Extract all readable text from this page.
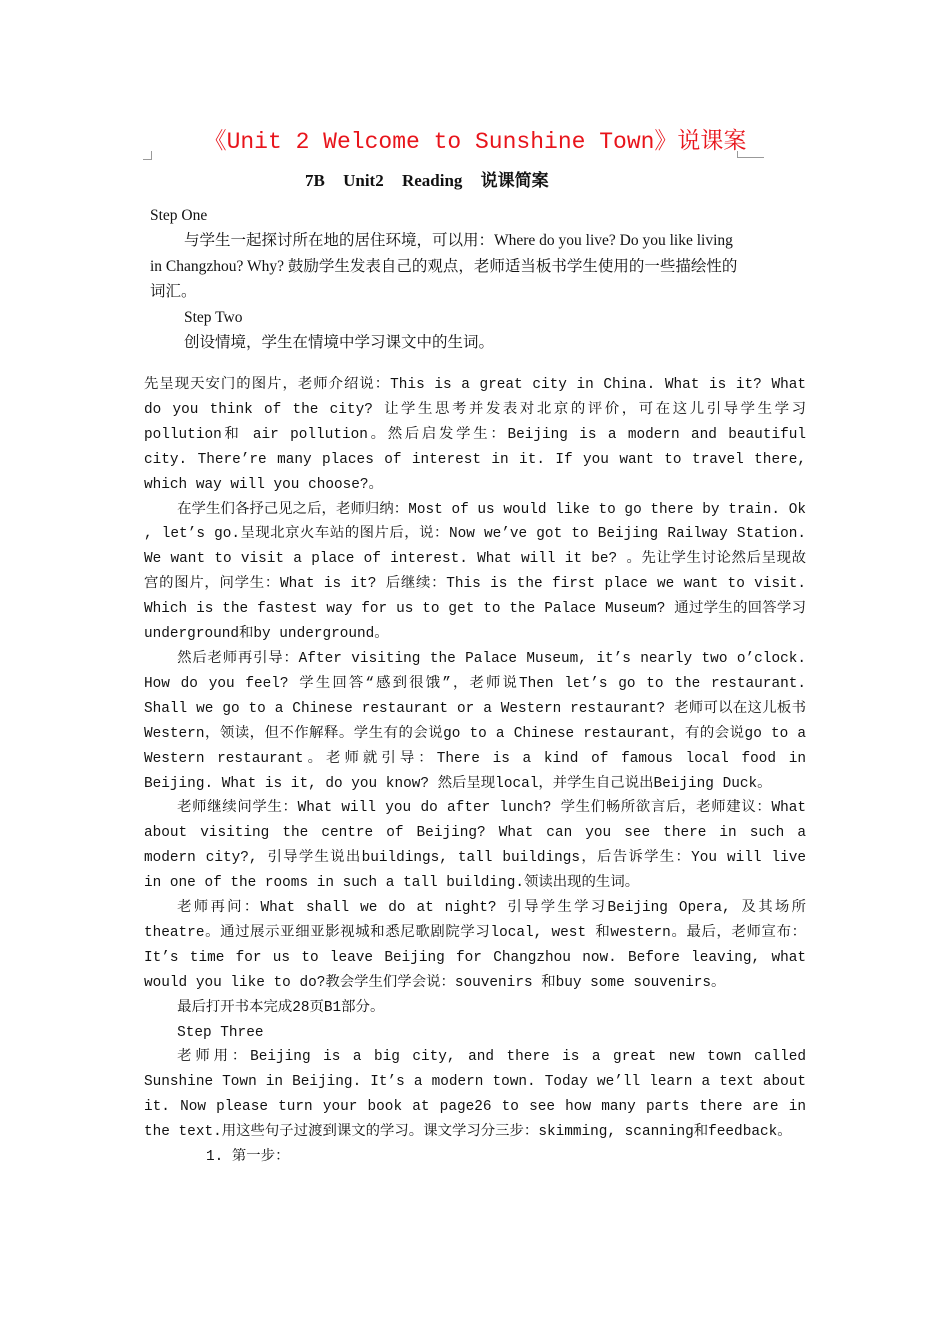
《Unit 2 Welcome to Sunshine Town》说课案
7B Unit2 Reading 说课简案
Step One
与学生一起探讨所在地的居住环境，可以用：Where do you live? Do you like living in Changzhou? Why? 鼓励学生发表自己的观点，老师适当板书学生使用的一些描绘性的词汇。
Step Two
创设情境，学生在情境中学习课文中的生词。

先呈现天安门的图片，老师介绍说：This is a great city in China. What is it? What do you think of the city? 让学生思考并发表对北京的评价，可在这儿引导学生学习pollution和 air pollution。然后启发学生：Beijing is a modern and beautiful city. There’re many places of interest in it. If you want to travel there, which way will you choose?。

在学生们各抒己见之后，老师归纳：Most of us would like to go there by train. Ok , let’s go.呈现北京火车站的图片后，说：Now we’ve got to Beijing Railway Station. We want to visit a place of interest. What will it be? 。先让学生讨论然后呈现故宫的图片，问学生：What is it? 后继续：This is the first place we want to visit. Which is the fastest way for us to get to the Palace Museum? 通过学生的回答学习underground和by underground。

然后老师再引导：After visiting the Palace Museum, it’s nearly two o’clock. How do you feel? 学生回答“感到很饿”，老师说Then let’s go to the restaurant. Shall we go to a Chinese restaurant or a Western restaurant? 老师可以在这儿板书Western，领读，但不作解释。学生有的会说go to a Chinese restaurant，有的会说go to a Western restaurant。老师就引导：There is a kind of famous local food in Beijing. What is it, do you know? 然后呈现local，并学生自己说出Beijing Duck。

老师继续问学生：What will you do after lunch? 学生们畅所欲言后，老师建议：What about visiting the centre of Beijing? What can you see there in such a modern city?, 引导学生说出buildings, tall buildings，后告诉学生：You will live in one of the rooms in such a tall building.领读出现的生词。

老师再问：What shall we do at night? 引导学生学习Beijing Opera, 及其场所theatre。通过展示亚细亚影视城和悉尼歌剧院学习local, west 和western。最后，老师宣布：It’s time for us to leave Beijing for Changzhou now. Before leaving, what would you like to do?教会学生们学会说：souvenirs 和buy some souvenirs。

最后打开书本完成28页B1部分。

Step Three

老师用：Beijing is a big city, and there is a great new town called Sunshine Town in Beijing. It’s a modern town. Today we’ll learn a text about it. Now please turn your book at page26 to see how many parts there are in the text.用这些句子过渡到课文的学习。课文学习分三步：skimming, scanning和feedback。

1. 第一步：
